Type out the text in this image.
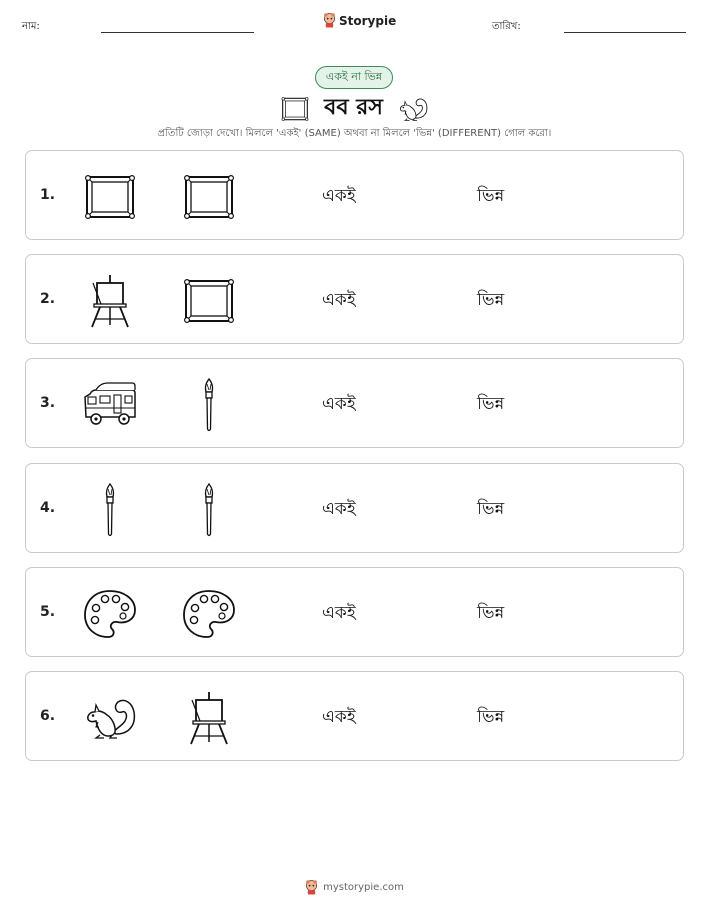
নাম:	Storypie	তারিখ:
একই না ভিন্ন
বব রস
প্রতিটি জোড়া দেখো। মিললে 'একই' (SAME) অথবা না মিললে 'ভিন্ন' (DIFFERENT) গোল করো।
1.	একই	ভিন্ন
2.	একই	ভিন্ন
3.	একই	ভিন্ন
4.	একই	ভিন্ন
5.	একই	ভিন্ন
6.	একই	ভিন্ন
mystorypie.com
